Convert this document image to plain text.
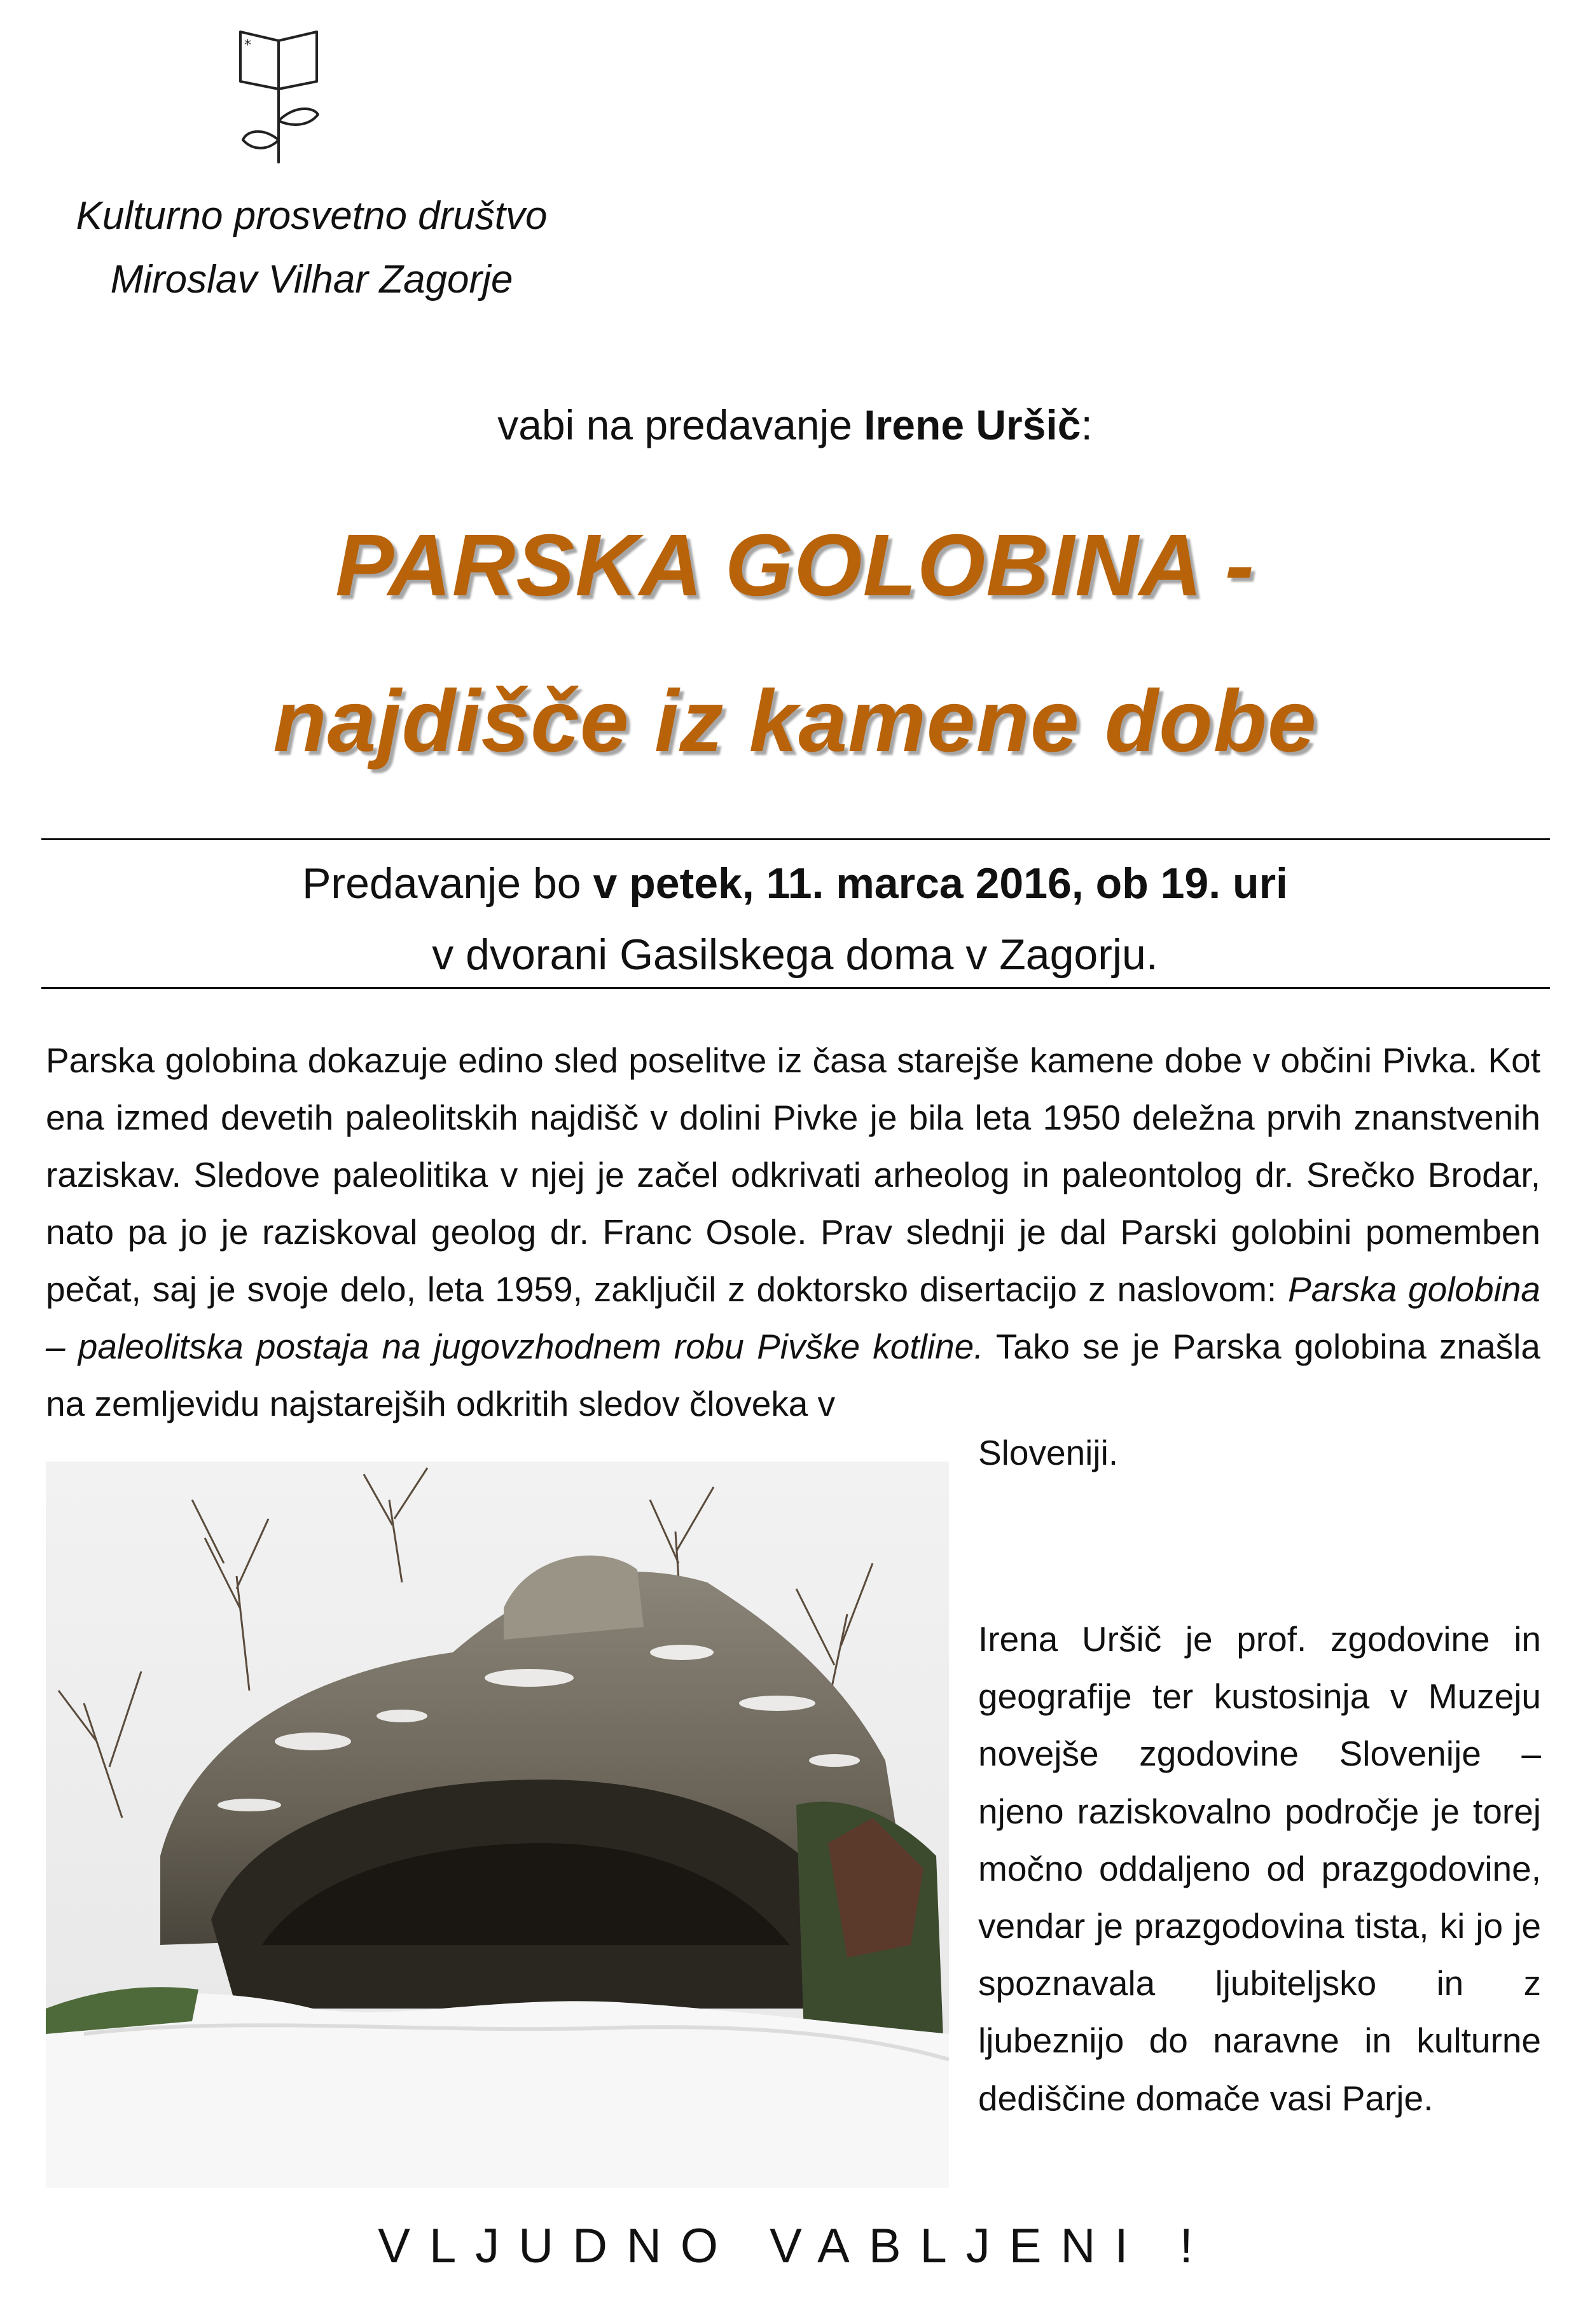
*
Kulturno prosvetno društvo
Miroslav Vilhar Zagorje
vabi na predavanje Irene Uršič:
PARSKA GOLOBINA -
najdišče iz kamene dobe
Predavanje bo v petek, 11. marca 2016, ob 19. uri
v dvorani Gasilskega doma v Zagorju.
Parska golobina dokazuje edino sled poselitve iz časa starejše kamene dobe v občini Pivka. Kot ena izmed devetih paleolitskih najdišč v dolini Pivke je bila leta 1950 deležna prvih znanstvenih raziskav. Sledove paleolitika v njej je začel odkrivati arheolog in paleontolog dr. Srečko Brodar, nato pa jo je raziskoval geolog dr. Franc Osole. Prav slednji je dal Parski golobini pomemben pečat, saj je svoje delo, leta 1959, zaključil z doktorsko disertacijo z naslovom: Parska golobina – paleolitska postaja na jugovzhodnem robu Pivške kotline. Tako se je Parska golobina znašla na zemljevidu najstarejših odkritih sledov človeka v
Sloveniji.
Irena Uršič je prof. zgodovine in geografije ter kustosinja v Muzeju novejše zgodovine Slovenije – njeno raziskovalno področje je torej močno oddaljeno od prazgodovine, vendar je prazgodovina tista, ki jo je spoznavala ljubiteljsko in z ljubeznijo do naravne in kulturne
dediščine domače vasi Parje.
VLJUDNO VABLJENI !
